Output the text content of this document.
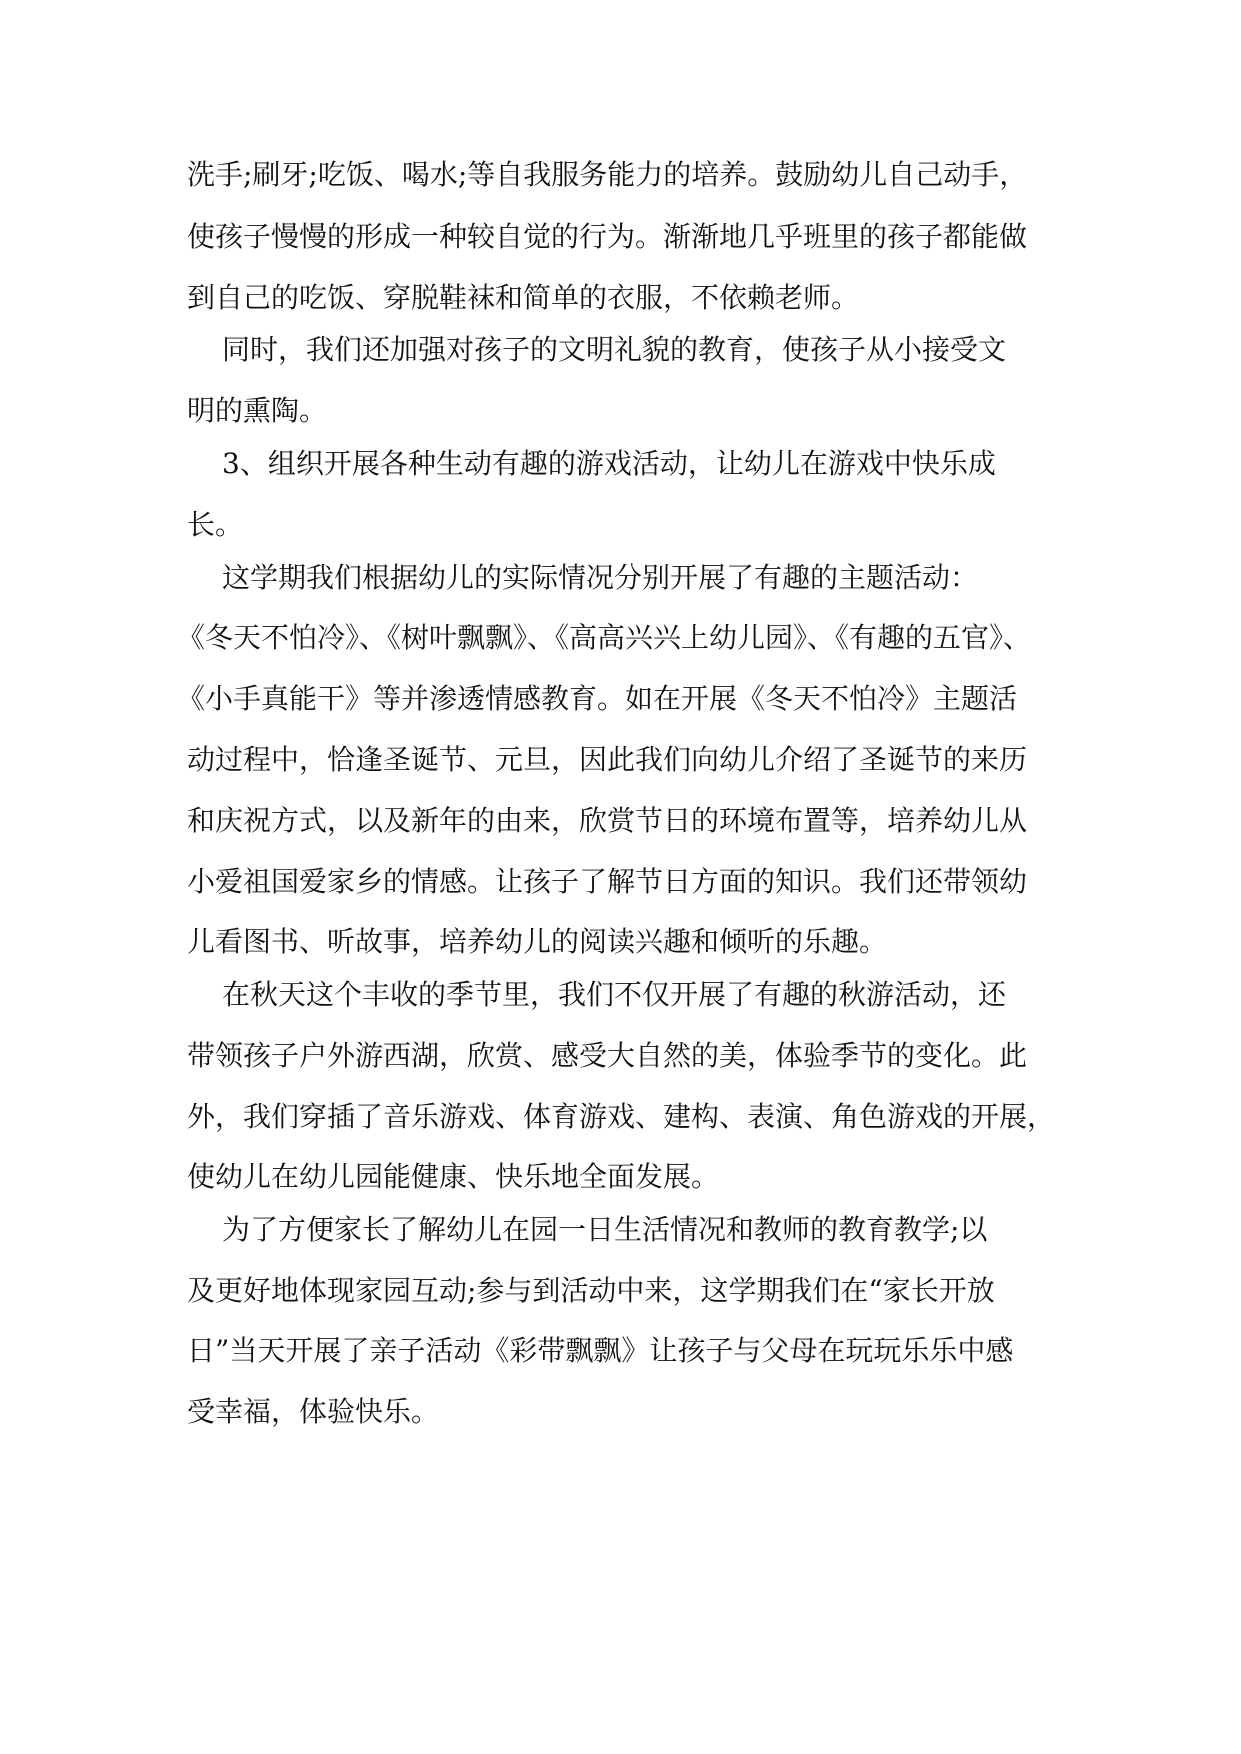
洗手;刷牙;吃饭、喝水;等自我服务能力的培养。鼓励幼儿自己动手，
使孩子慢慢的形成一种较自觉的行为。渐渐地几乎班里的孩子都能做
到自己的吃饭、穿脱鞋袜和简单的衣服，不依赖老师。
同时，我们还加强对孩子的文明礼貌的教育，使孩子从小接受文
明的熏陶。
3、组织开展各种生动有趣的游戏活动，让幼儿在游戏中快乐成
长。
这学期我们根据幼儿的实际情况分别开展了有趣的主题活动：
《冬天不怕冷》、《树叶飘飘》、《高高兴兴上幼儿园》、《有趣的五官》、
《小手真能干》等并渗透情感教育。如在开展《冬天不怕冷》主题活
动过程中，恰逢圣诞节、元旦，因此我们向幼儿介绍了圣诞节的来历
和庆祝方式，以及新年的由来，欣赏节日的环境布置等，培养幼儿从
小爱祖国爱家乡的情感。让孩子了解节日方面的知识。我们还带领幼
儿看图书、听故事，培养幼儿的阅读兴趣和倾听的乐趣。
在秋天这个丰收的季节里，我们不仅开展了有趣的秋游活动，还
带领孩子户外游西湖，欣赏、感受大自然的美，体验季节的变化。此
外，我们穿插了音乐游戏、体育游戏、建构、表演、角色游戏的开展，
使幼儿在幼儿园能健康、快乐地全面发展。
为了方便家长了解幼儿在园一日生活情况和教师的教育教学;以
及更好地体现家园互动;参与到活动中来，这学期我们在“家长开放
日”当天开展了亲子活动《彩带飘飘》让孩子与父母在玩玩乐乐中感
受幸福，体验快乐。
